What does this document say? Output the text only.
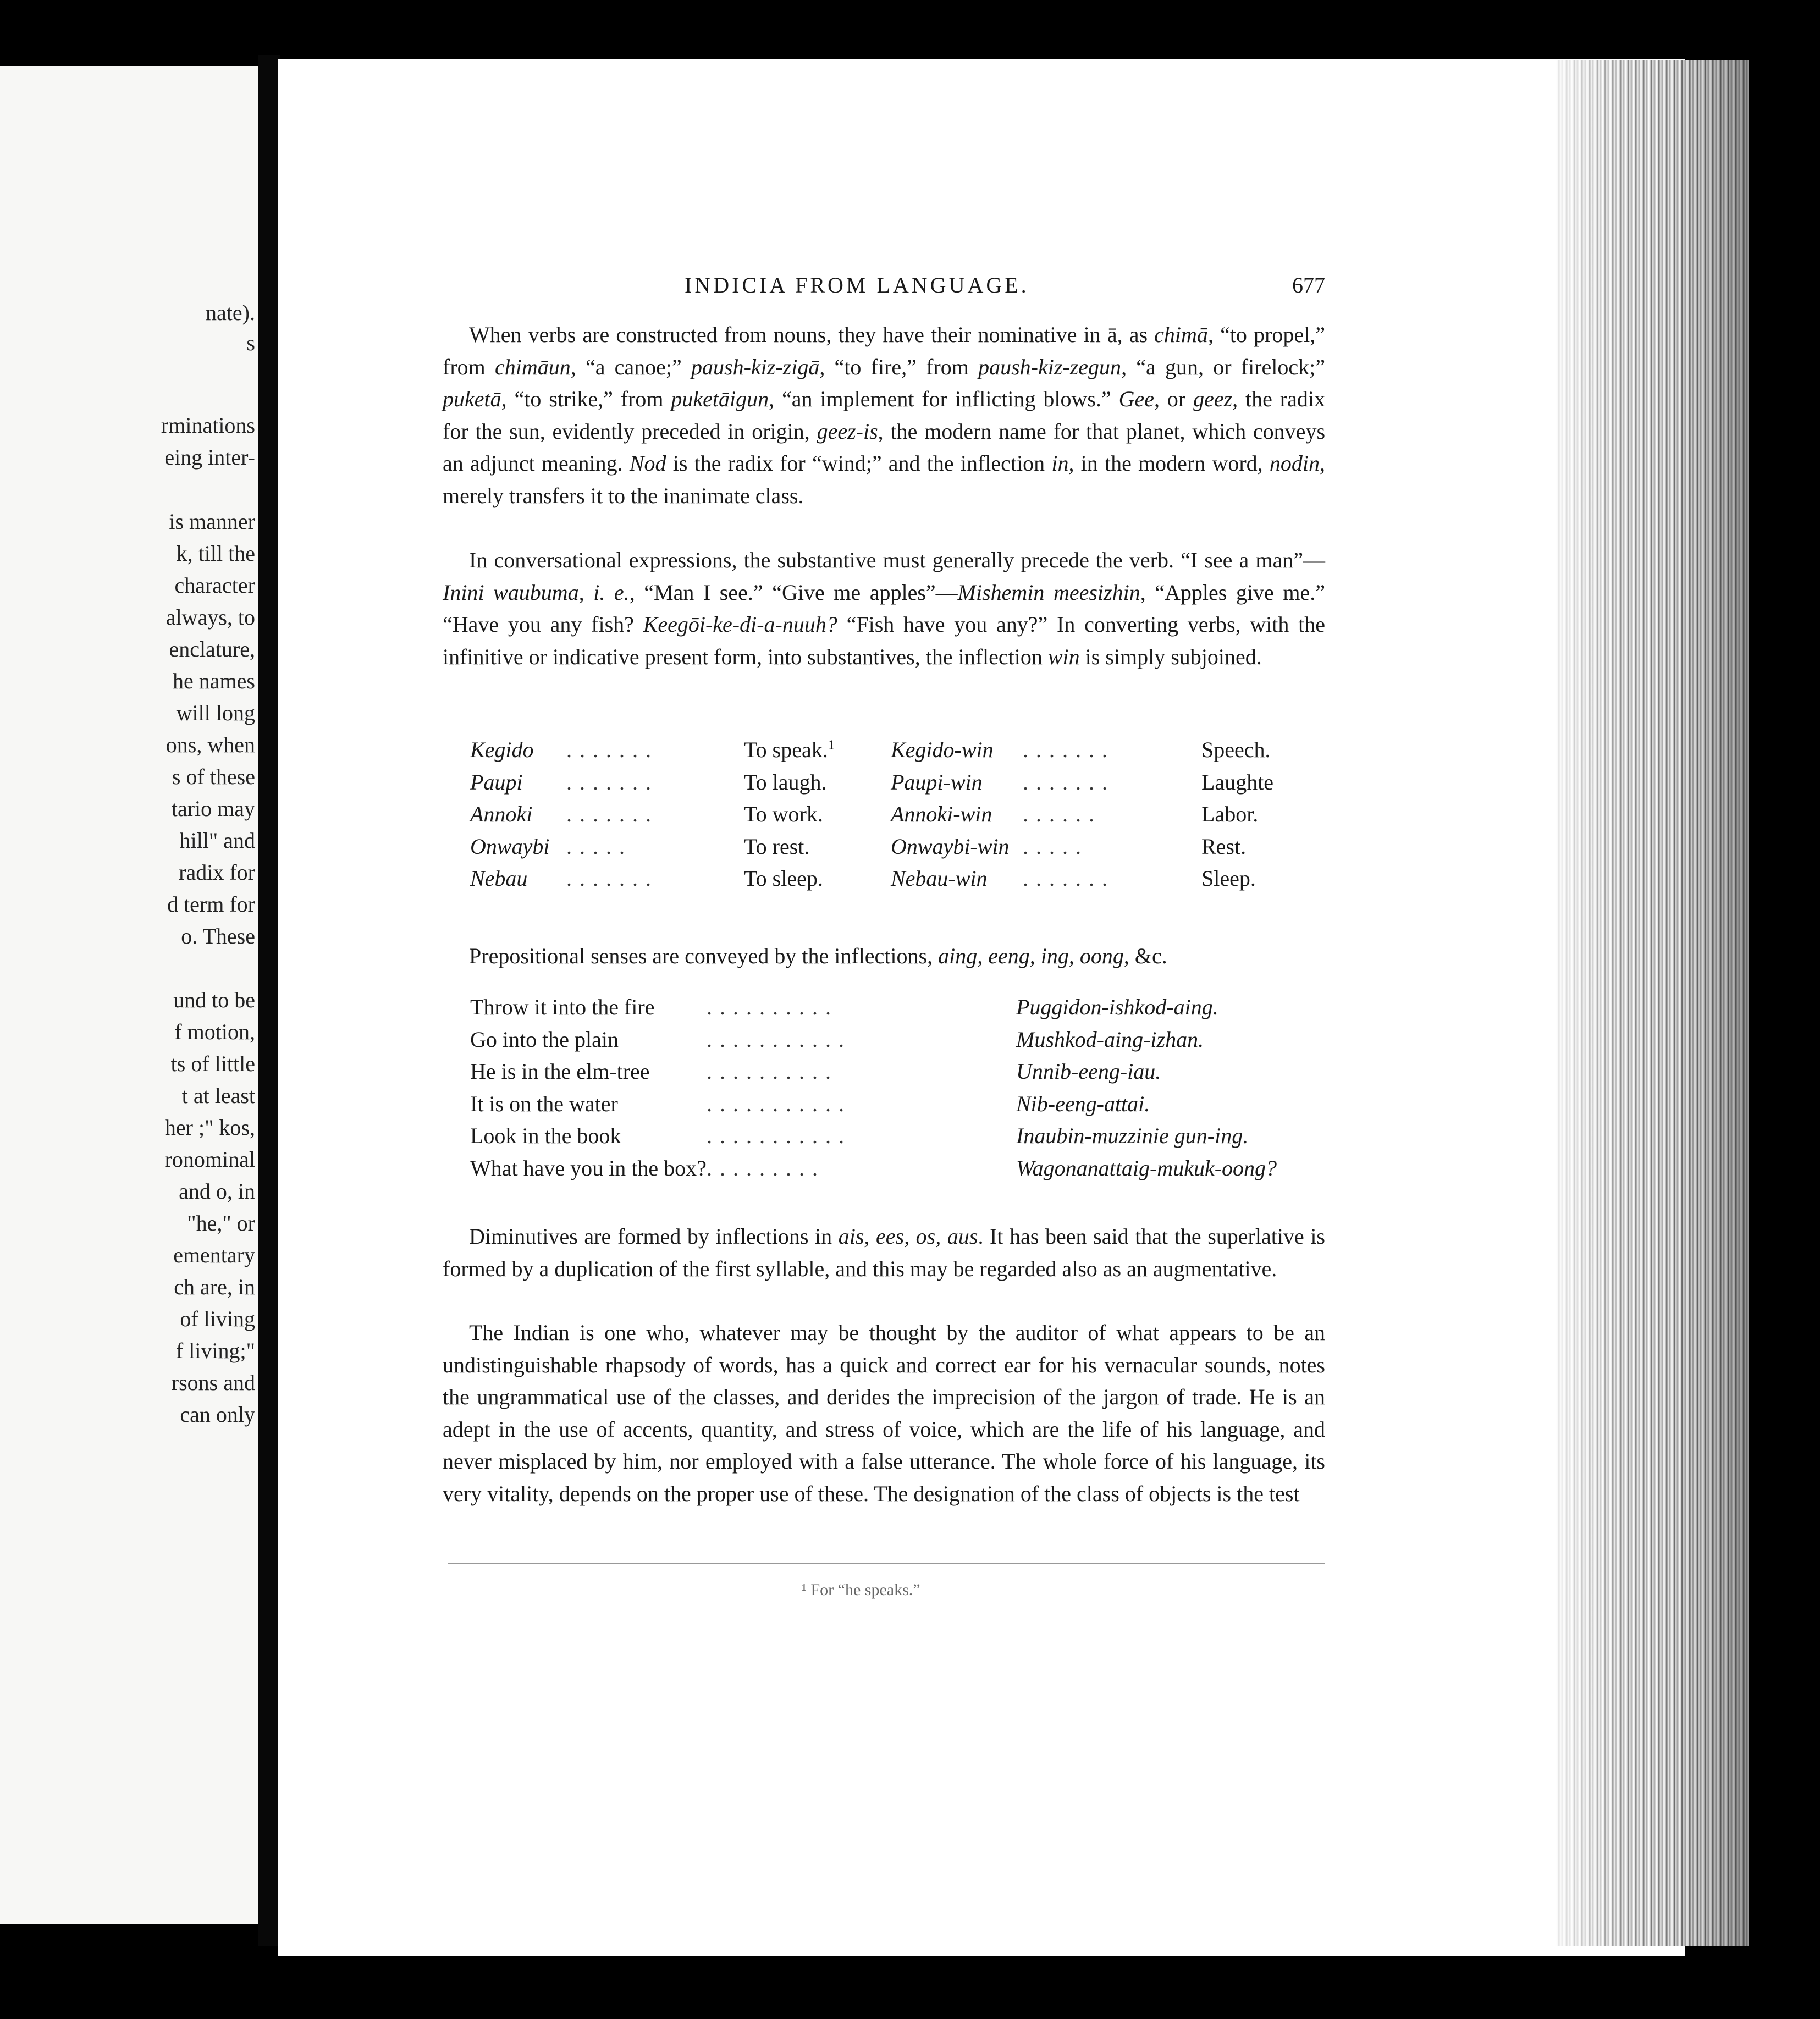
nate).
s
rminations
eing inter-
is manner
k, till the
character
always, to
enclature,
he names
will long
ons, when
s of these
tario may
hill" and
radix for
d term for
o. These
und to be
f motion,
ts of little
t at least
her ;" kos,
ronominal
and o, in
"he," or
ementary
ch are, in
of living
f living;"
rsons and
can only
INDICIA FROM LANGUAGE.	677

When verbs are constructed from nouns, they have their nominative in ā, as chimā, “to propel,” from chimāun, “a canoe;” paush-kiz-zigā, “to fire,” from paush-kiz-zegun, “a gun, or firelock;” puketā, “to strike,” from puketāigun, “an implement for inflicting blows.” Gee, or geez, the radix for the sun, evidently preceded in origin, geez-is, the modern name for that planet, which conveys an adjunct meaning. Nod is the radix for “wind;” and the inflection in, in the modern word, nodin, merely transfers it to the inanimate class.

In conversational expressions, the substantive must generally precede the verb. “I see a man”—Inini waubuma, i. e., “Man I see.” “Give me apples”—Mishemin meesizhin, “Apples give me.” “Have you any fish? Keegōi-ke-di-a-nuuh? “Fish have you any?” In converting verbs, with the infinitive or indicative present form, into substantives, the inflection win is simply subjoined.

Kegido .......	To speak.$^1$	Kegido-win .......	Speech.
Paupi .......	To laugh.	Paupi-win .......	Laughte
Annoki .......	To work.	Annoki-win ......	Labor.
Onwaybi .....	To rest.	Onwaybi-win .....	Rest.
Nebau .......	To sleep.	Nebau-win .......	Sleep.

Prepositional senses are conveyed by the inflections, aing, eeng, ing, oong, &c.

Throw it into the fire ..........	Puggidon-ishkod-aing.
Go into the plain	...........	Mushkod-aing-izhan.
He is in the elm-tree	..........	Unnib-eeng-iau.
It is on the water	...........	Nib-eeng-attai.
Look in the book	...........	Inaubin-muzzinie gun-ing.
What have you in the box? .........	Wagonanattaig-mukuk-oong?

Diminutives are formed by inflections in ais, ees, os, aus. It has been said that the superlative is formed by a duplication of the first syllable, and this may be regarded also as an augmentative.

The Indian is one who, whatever may be thought by the auditor of what appears to be an undistinguishable rhapsody of words, has a quick and correct ear for his vernacular sounds, notes the ungrammatical use of the classes, and derides the imprecision of the jargon of trade. He is an adept in the use of accents, quantity, and stress of voice, which are the life of his language, and never misplaced by him, nor employed with a false utterance. The whole force of his language, its very vitality, depends on the proper use of these. The designation of the class of objects is the test

¹ For “he speaks.”
